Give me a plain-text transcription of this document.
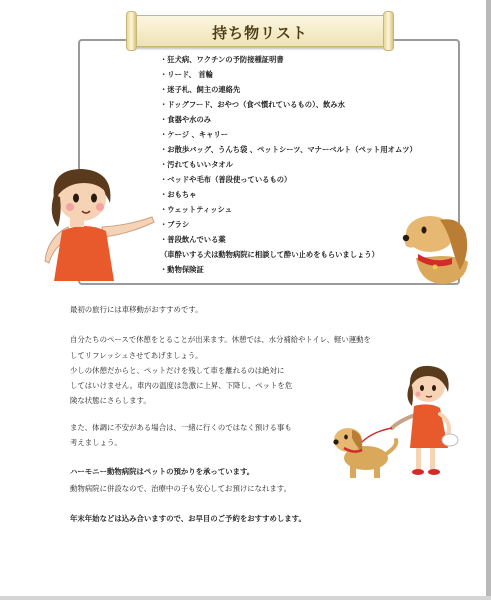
持ち物リスト
・狂犬病、ワクチンの予防接種証明書
・リード、 首輪
・迷子札、飼主の連絡先
・ドッグフード、おやつ（食べ慣れているもの）、飲み水
・食器や水のみ
・ケージ 、キャリー
・お散歩バッグ、うんち袋 、ペットシーツ、マナーベルト（ペット用オムツ）
・汚れてもいいタオル
・ベッドや毛布（普段使っているもの）
・おもちゃ
・ウェットティッシュ
・ブラシ
・普段飲んでいる薬
（車酔いする犬は動物病院に相談して酔い止めをもらいましょう）
・動物保険証
最初の旅行には車移動がおすすめです。
自分たちのペースで休憩をとることが出来ます。休憩では、水分補給やトイレ、軽い運動を
してリフレッシュさせてあげましょう。
少しの休憩だからと、ペットだけを残して車を離れるのは絶対に
してはいけません。車内の温度は急激に上昇、下降し、ペットを危
険な状態にさらします。
また、体調に不安がある場合は、一緒に行くのではなく預ける事も
考えましょう。
ハーモニー動物病院はペットの預かりを承っています。
動物病院に併設なので、治療中の子も安心してお預けになれます。
年末年始などは込み合いますので、お早目のご予約をおすすめします。
